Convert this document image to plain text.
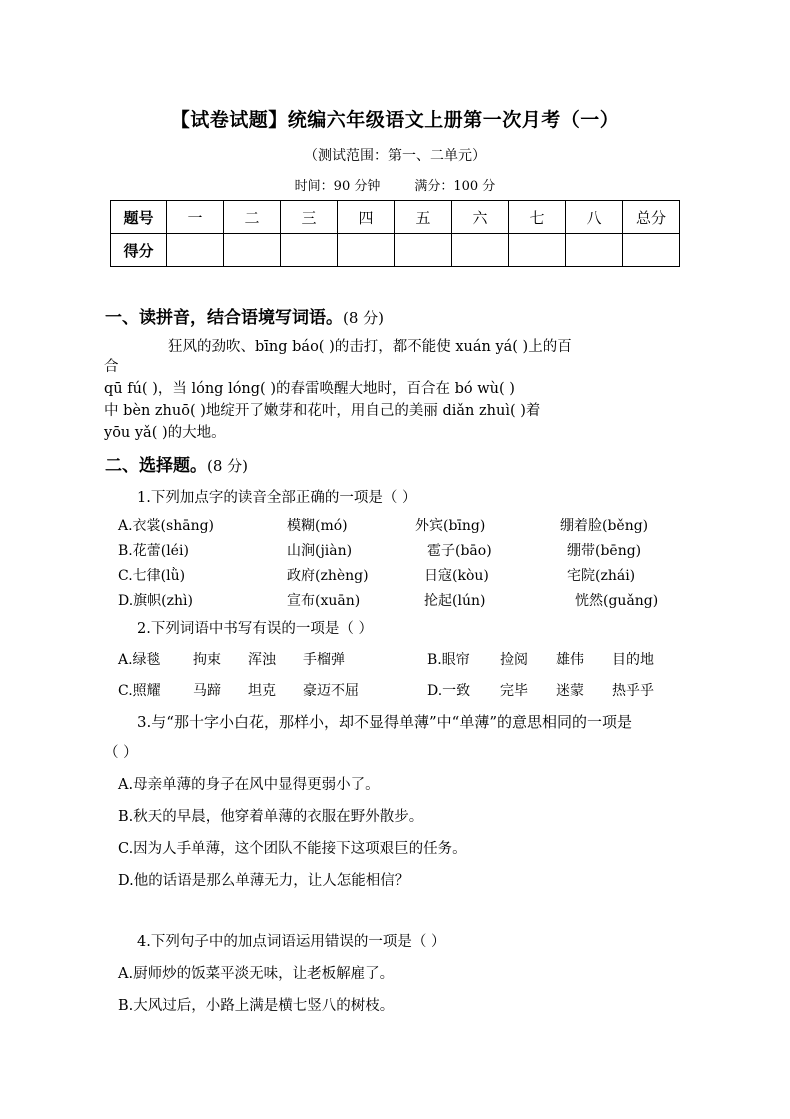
【试卷试题】统编六年级语文上册第一次月考（一）
（测试范围：第一、二单元）
时间：90 分钟	满分：100 分
题号	一	二	三	四	五	六	七	八	总分
得分									
一、读拼音，结合语境写词语。(8 分)
狂风的劲吹、bīng báo( )的击打，都不能使 xuán yá( )上的百
合
qū fú( )，当 lóng lóng( )的春雷唤醒大地时，百合在 bó wù( )
中 bèn zhuō( )地绽开了嫩芽和花叶，用自己的美丽 diǎn zhuì( )着
yōu yǎ( )的大地。
二、选择题。(8 分)
1.下列加点字的读音全部正确的一项是（ ）
A.衣裳(shāng)	模糊(mó)	外宾(bīng)	绷着脸(běng)
B.花蕾(léi)	山涧(jiàn)	雹子(bāo)	绷带(bēng)
C.七律(lǜ)	政府(zhèng)	日寇(kòu)	宅院(zhái)
D.旗帜(zhì)	宣布(xuān)	抡起(lún)	恍然(guǎng)
2.下列词语中书写有误的一项是（ ）
A.绿毯 拘束 浑浊 手榴弹	B.眼帘 捡阅 雄伟 目的地
C.照耀 马蹄 坦克 豪迈不屈	D.一致 完毕 迷蒙 热乎乎
3.与“那十字小白花，那样小，却不显得单薄”中“单薄”的意思相同的一项是
（ ）
A.母亲单薄的身子在风中显得更弱小了。
B.秋天的早晨，他穿着单薄的衣服在野外散步。
C.因为人手单薄，这个团队不能接下这项艰巨的任务。
D.他的话语是那么单薄无力，让人怎能相信？
4.下列句子中的加点词语运用错误的一项是（ ）
A.厨师炒的饭菜平淡无味，让老板解雇了。
B.大风过后，小路上满是横七竖八的树枝。
